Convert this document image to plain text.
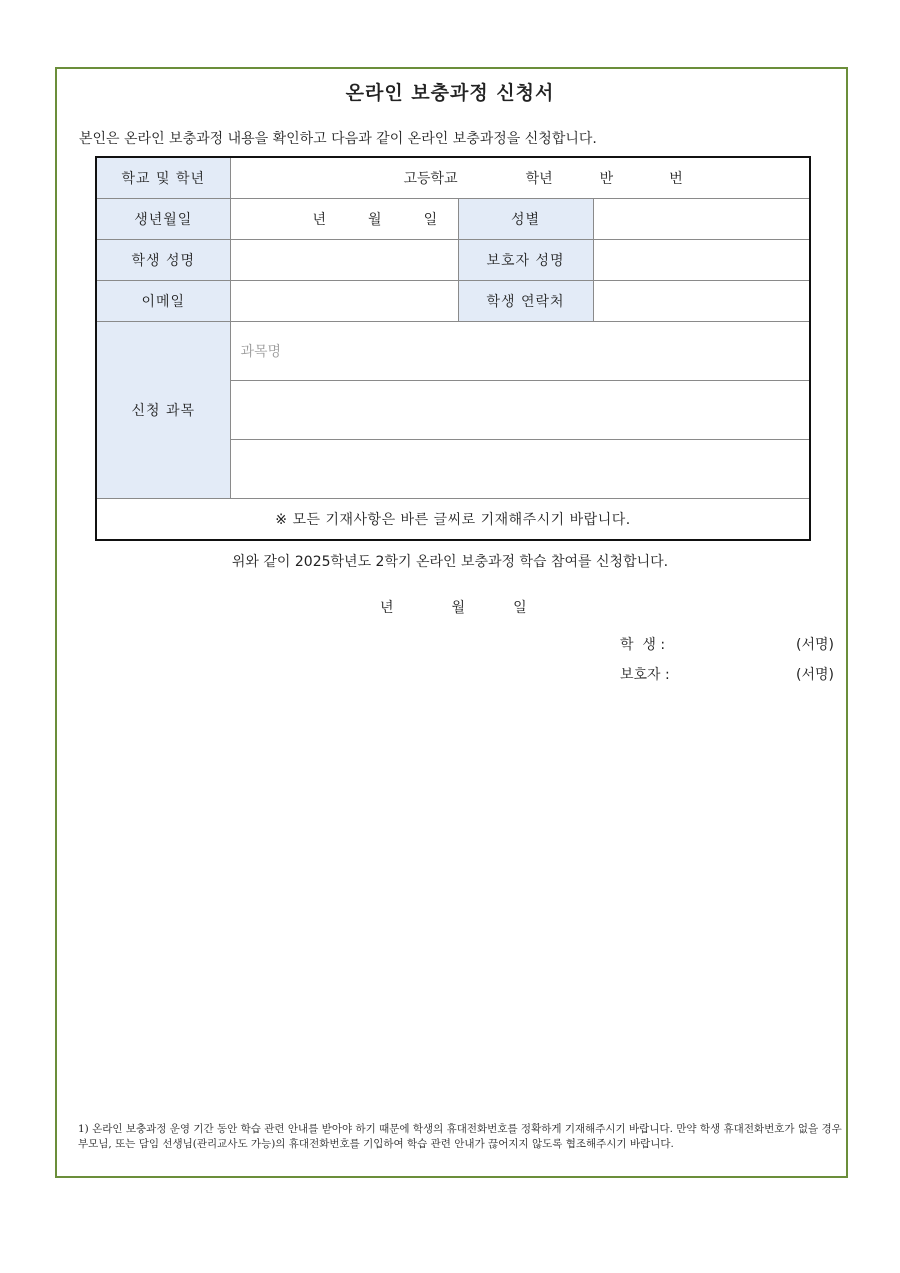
온라인 보충과정 신청서
본인은 온라인 보충과정 내용을 확인하고 다음과 같이 온라인 보충과정을 신청합니다.
학교 및 학년	고등학교 학년 반 번		
생년월일	년 월 일	성별	
학생 성명		보호자 성명	
이메일		학생 연락처	
신청 과목	과목명		

※ 모든 기재사항은 바른 글씨로 기재해주시기 바랍니다.			
위와 같이 2025학년도 2학기 온라인 보충과정 학습 참여를 신청합니다.
년	월	일
학  생 :	(서명)
보호자 :	(서명)
1) 온라인 보충과정 운영 기간 동안 학습 관련 안내를 받아야 하기 때문에 학생의 휴대전화번호를 정확하게 기재해주시기 바랍니다. 만약 학생 휴대전화번호가 없을 경우 부모님, 또는 담임 선생님(관리교사도 가능)의 휴대전화번호를 기입하여 학습 관련 안내가 끊어지지 않도록 협조해주시기 바랍니다.
